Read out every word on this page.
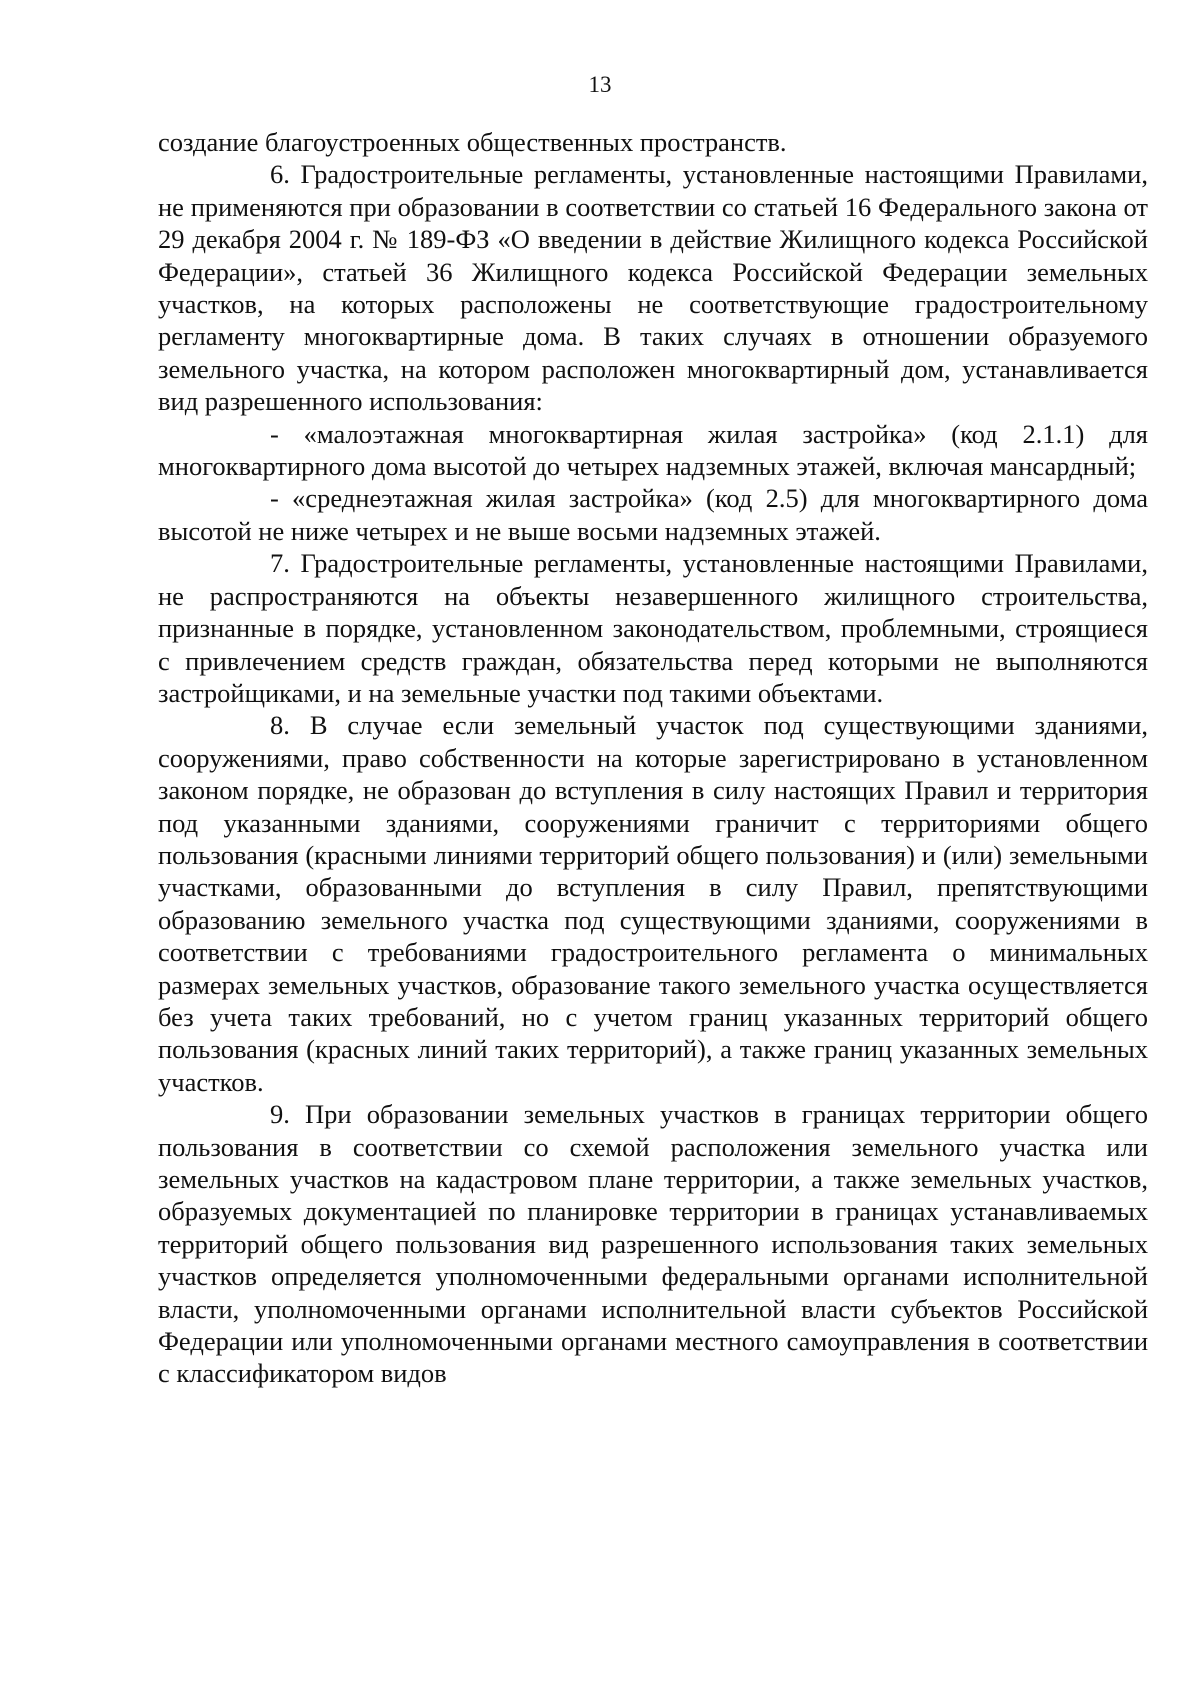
13

создание благоустроенных общественных пространств.

6. Градостроительные регламенты, установленные настоящими Правилами, не применяются при образовании в соответствии со статьей 16 Федерального закона от 29 декабря 2004 г. № 189-ФЗ «О введении в действие Жилищного кодекса Российской Федерации», статьей 36 Жилищного кодекса Российской Федерации земельных участков, на которых расположены не соответствующие градостроительному регламенту многоквартирные дома. В таких случаях в отношении образуемого земельного участка, на котором расположен многоквартирный дом, устанавливается вид разрешенного использования:

- «малоэтажная многоквартирная жилая застройка» (код 2.1.1) для многоквартирного дома высотой до четырех надземных этажей, включая мансардный;

- «среднеэтажная жилая застройка» (код 2.5) для многоквартирного дома высотой не ниже четырех и не выше восьми надземных этажей.

7. Градостроительные регламенты, установленные настоящими Правилами, не распространяются на объекты незавершенного жилищного строительства, признанные в порядке, установленном законодательством, проблемными, строящиеся с привлечением средств граждан, обязательства перед которыми не выполняются застройщиками, и на земельные участки под такими объектами.

8. В случае если земельный участок под существующими зданиями, сооружениями, право собственности на которые зарегистрировано в установленном законом порядке, не образован до вступления в силу настоящих Правил и территория под указанными зданиями, сооружениями граничит с территориями общего пользования (красными линиями территорий общего пользования) и (или) земельными участками, образованными до вступления в силу Правил, препятствующими образованию земельного участка под существующими зданиями, сооружениями в соответствии с требованиями градостроительного регламента о минимальных размерах земельных участков, образование такого земельного участка осуществляется без учета таких требований, но с учетом границ указанных территорий общего пользования (красных линий таких территорий), а также границ указанных земельных участков.

9. При образовании земельных участков в границах территории общего пользования в соответствии со схемой расположения земельного участка или земельных участков на кадастровом плане территории, а также земельных участков, образуемых документацией по планировке территории в границах устанавливаемых территорий общего пользования вид разрешенного использования таких земельных участков определяется уполномоченными федеральными органами исполнительной власти, уполномоченными органами исполнительной власти субъектов Российской Федерации или уполномоченными органами местного самоуправления в соответствии с классификатором видов
